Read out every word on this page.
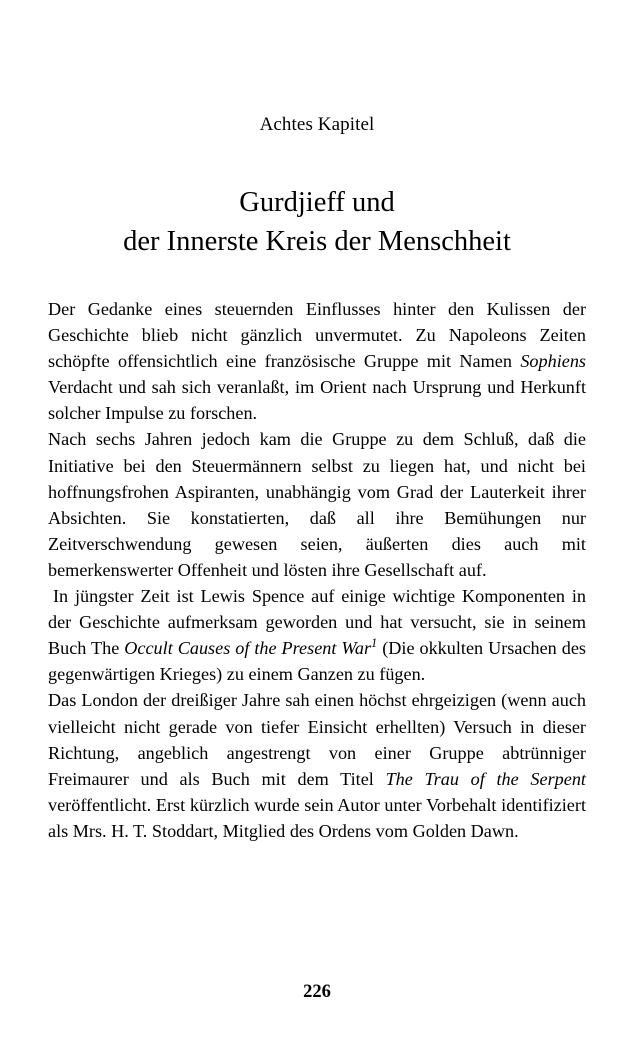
Achtes Kapitel
Gurdjieff und
der Innerste Kreis der Menschheit

Der Gedanke eines steuernden Einflusses hinter den Kulissen der Geschichte blieb nicht gänzlich unvermutet. Zu Napoleons Zeiten schöpfte offensichtlich eine französische Gruppe mit Namen Sophiens Verdacht und sah sich veranlaßt, im Orient nach Ursprung und Herkunft solcher Impulse zu forschen.

Nach sechs Jahren jedoch kam die Gruppe zu dem Schluß, daß die Initiative bei den Steuermännern selbst zu liegen hat, und nicht bei hoffnungsfrohen Aspiranten, unabhängig vom Grad der Lauterkeit ihrer Absichten. Sie konstatierten, daß all ihre Bemühungen nur Zeitverschwendung gewesen seien, äußerten dies auch mit bemerkenswerter Offenheit und lösten ihre Gesellschaft auf.

In jüngster Zeit ist Lewis Spence auf einige wichtige Komponenten in der Geschichte aufmerksam geworden und hat versucht, sie in seinem Buch The Occult Causes of the Present War$^1$ (Die okkulten Ursachen des gegenwärtigen Krieges) zu einem Ganzen zu fügen.

Das London der dreißiger Jahre sah einen höchst ehrgeizigen (wenn auch vielleicht nicht gerade von tiefer Einsicht erhellten) Versuch in dieser Richtung, angeblich angestrengt von einer Gruppe abtrünniger Freimaurer und als Buch mit dem Titel The Trau of the Serpent veröffentlicht. Erst kürzlich wurde sein Autor unter Vorbehalt identifiziert als Mrs. H. T. Stoddart, Mitglied des Ordens vom Golden Dawn.

226
